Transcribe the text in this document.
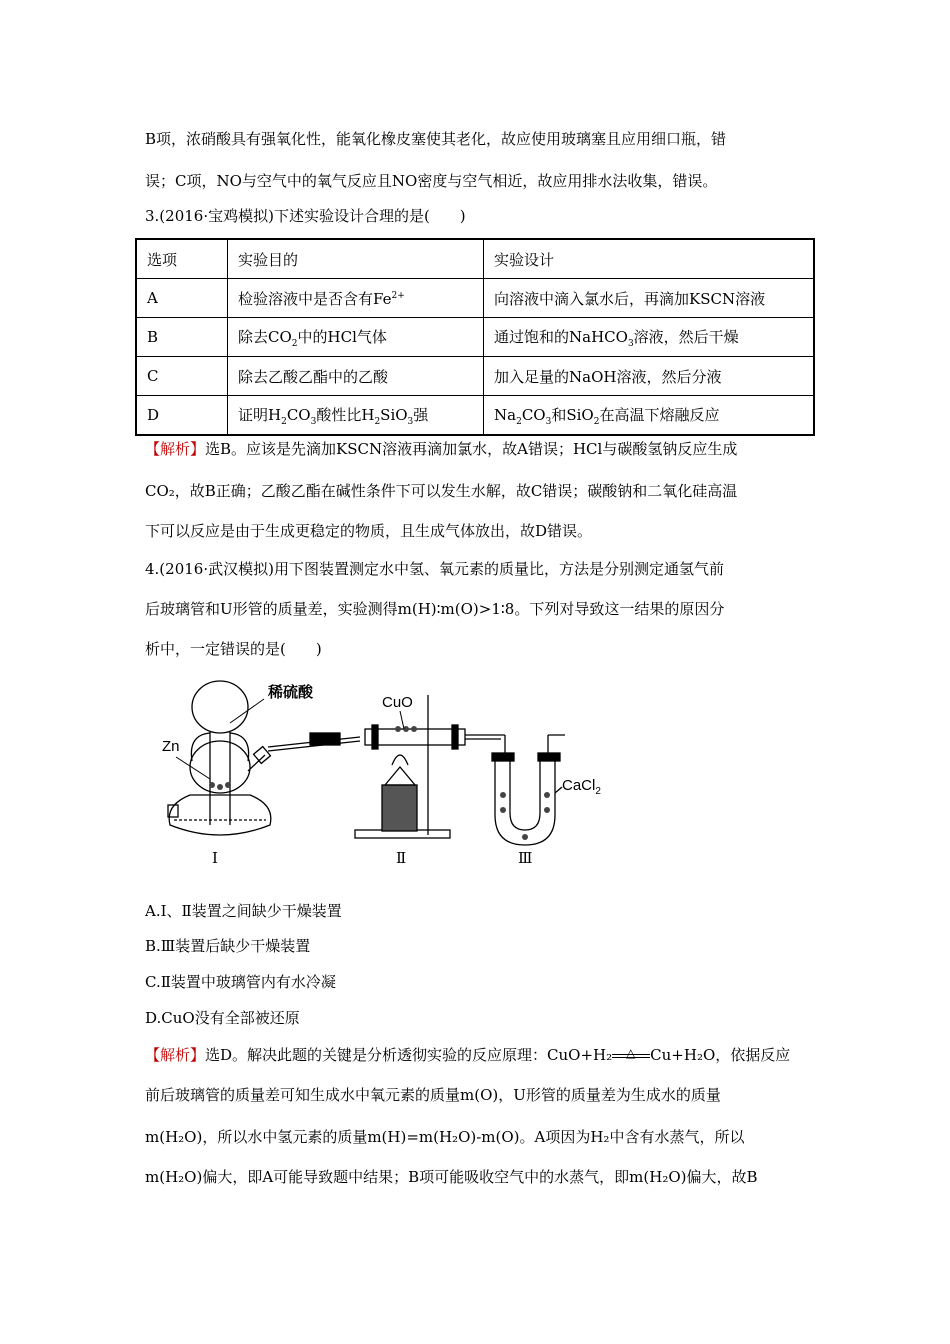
B项，浓硝酸具有强氧化性，能氧化橡皮塞使其老化，故应使用玻璃塞且应用细口瓶，错
误；C项，NO与空气中的氧气反应且NO密度与空气相近，故应用排水法收集，错误。
3.(2016·宝鸡模拟)下述实验设计合理的是(　　)
选项	实验目的	实验设计
A	检验溶液中是否含有$Fe^{2+}$	向溶液中滴入氯水后，再滴加KSCN溶液
B	除去$CO_2$中的HCl气体	通过饱和的NaHCO$_3$溶液，然后干燥
C	除去乙酸乙酯中的乙酸	加入足量的NaOH溶液，然后分液
D	证明$H_2CO_3$酸性比$H_2SiO_3$强	$Na_2CO_3$和SiO$_2$在高温下熔融反应
【解析】选B。应该是先滴加KSCN溶液再滴加氯水，故A错误；HCl与碳酸氢钠反应生成
CO₂，故B正确；乙酸乙酯在碱性条件下可以发生水解，故C错误；碳酸钠和二氧化硅高温
下可以反应是由于生成更稳定的物质，且生成气体放出，故D错误。
4.(2016·武汉模拟)用下图装置测定水中氢、氧元素的质量比，方法是分别测定通氢气前
后玻璃管和U形管的质量差，实验测得m(H)∶m(O)>1∶8。下列对导致这一结果的原因分
析中，一定错误的是(　　)
稀硫酸
Zn
CuO
CaCl$_2$
Ⅰ	Ⅱ	Ⅲ
A.Ⅰ、Ⅱ装置之间缺少干燥装置
B.Ⅲ装置后缺少干燥装置
C.Ⅱ装置中玻璃管内有水冷凝
D.CuO没有全部被还原
【解析】选D。解决此题的关键是分析透彻实验的反应原理：CuO+H₂ △ Cu+H₂O，依据反应
前后玻璃管的质量差可知生成水中氧元素的质量m(O)，U形管的质量差为生成水的质量
m(H₂O)，所以水中氢元素的质量m(H)=m(H₂O)-m(O)。A项因为H₂中含有水蒸气，所以
m(H₂O)偏大，即A可能导致题中结果；B项可能吸收空气中的水蒸气，即m(H₂O)偏大，故B
